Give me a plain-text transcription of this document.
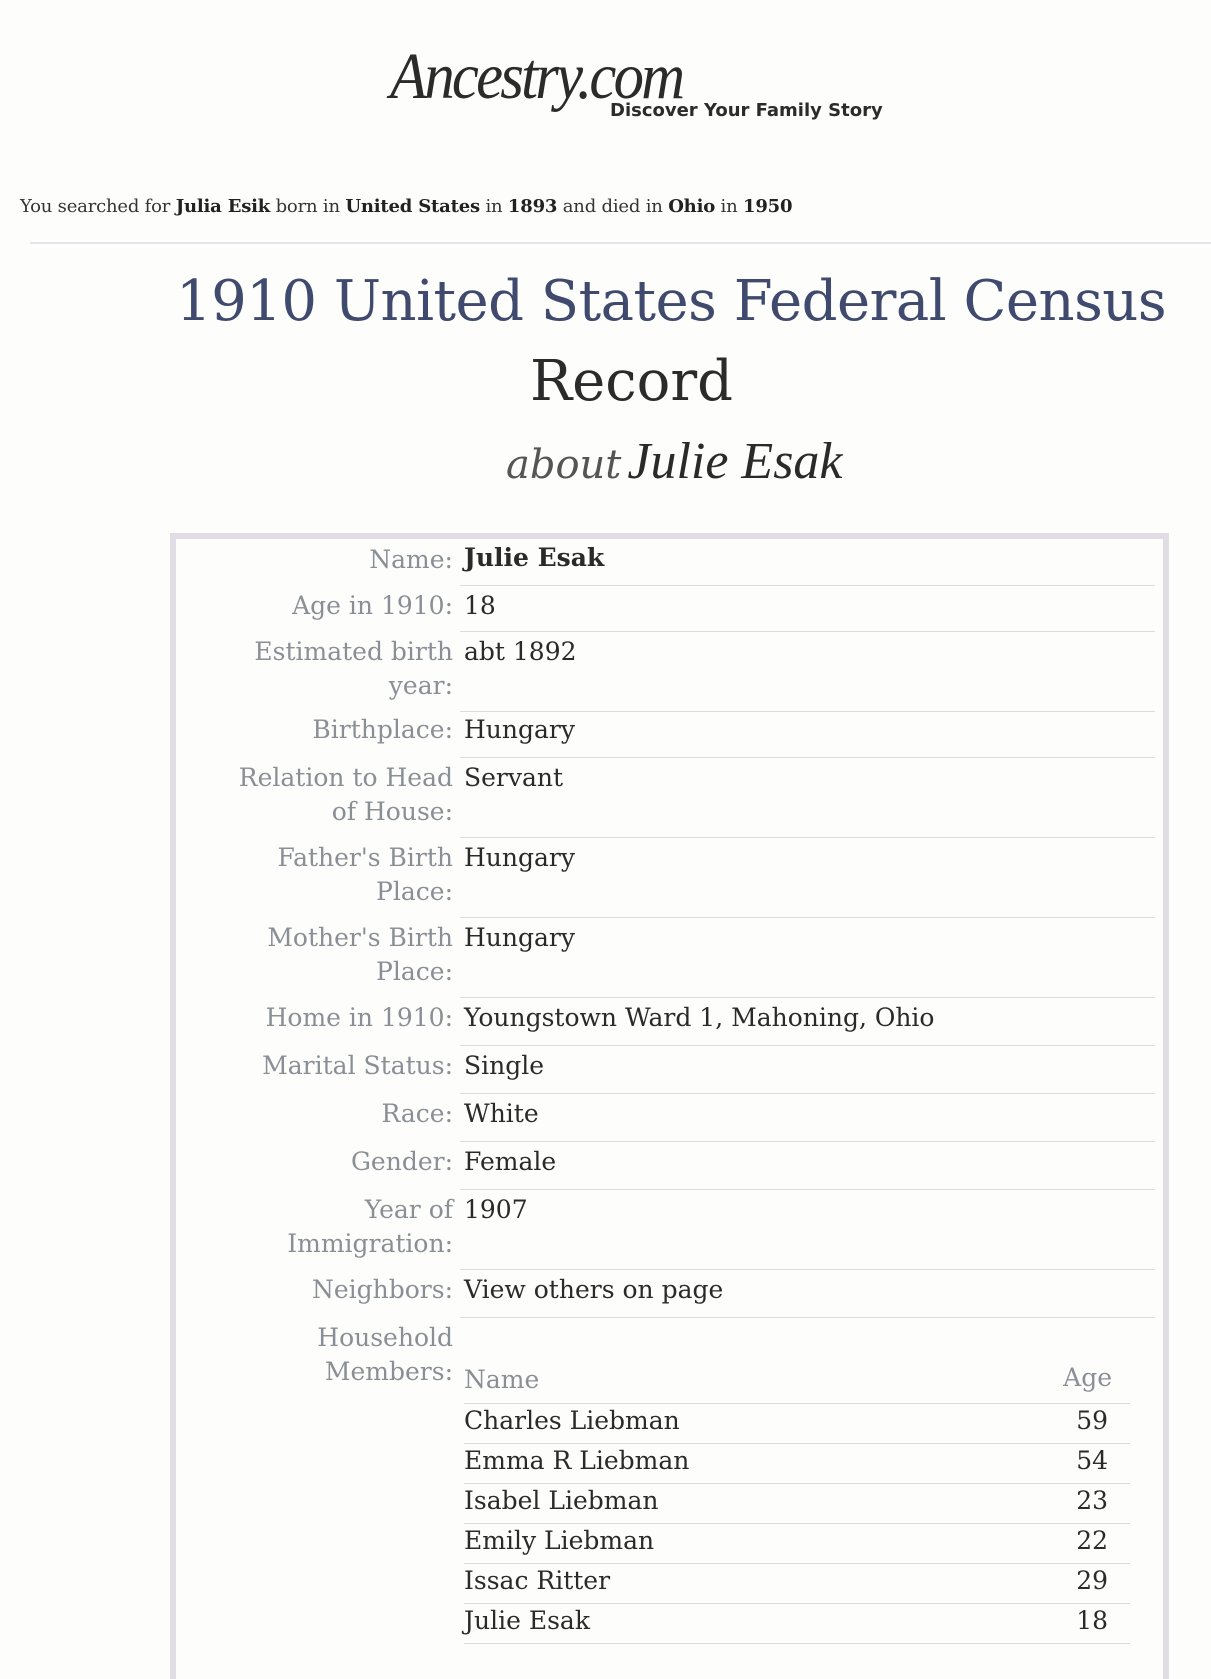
Ancestry.com
Discover Your Family Story
You searched for Julia Esik born in United States in 1893 and died in Ohio in 1950
1910 United States Federal Census
Record
about Julie Esak
Name: Julie Esak
Age in 1910: 18
Estimated birth year:
abt 1892
Birthplace: Hungary
Relation to Head of House:
Servant
Father's Birth Place:
Hungary
Mother's Birth Place:
Hungary
Home in 1910: Youngstown Ward 1, Mahoning, Ohio
Marital Status: Single
Race: White
Gender: Female
Year of Immigration:
1907
Neighbors: View others on page
Household Members: Name	Age
Charles Liebman	59
Emma R Liebman	54
Isabel Liebman	23
Emily Liebman	22
Issac Ritter	29
Julie Esak	18
